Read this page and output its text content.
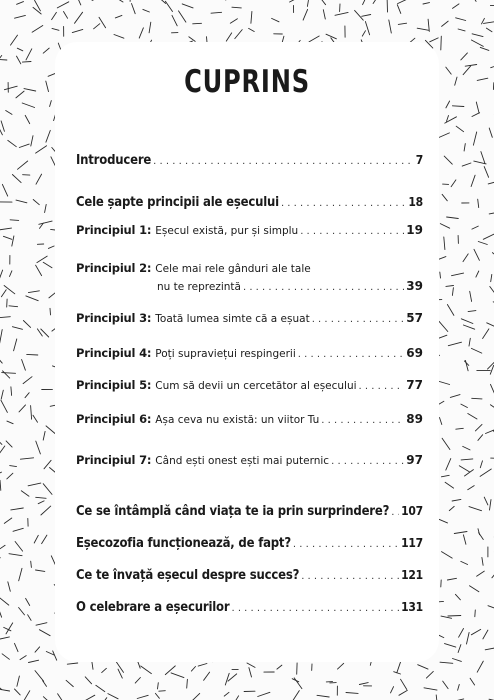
CUPRINS
Introducere . . .	7
Cele șapte principii ale eșecului . . .	18
Principiul 1: Eșecul există, pur și simplu . . .	19
Principiul 2: Cele mai rele gânduri ale tale
nu te reprezintă . . .	39
Principiul 3: Toată lumea simte că a eșuat . . .	57
Principiul 4: Poți supraviețui respingerii . . .	69
Principiul 5: Cum să devii un cercetător al eșecului . . .	77
Principiul 6: Așa ceva nu există: un viitor Tu . . .	89
Principiul 7: Când ești onest ești mai puternic . . .	97
Ce se întâmplă când viața te ia prin surprindere? . . . 107
Eșecozofia funcționează, de fapt? . . .	117
Ce te învață eșecul despre succes? . . .	121
O celebrare a eșecurilor . . .	131
